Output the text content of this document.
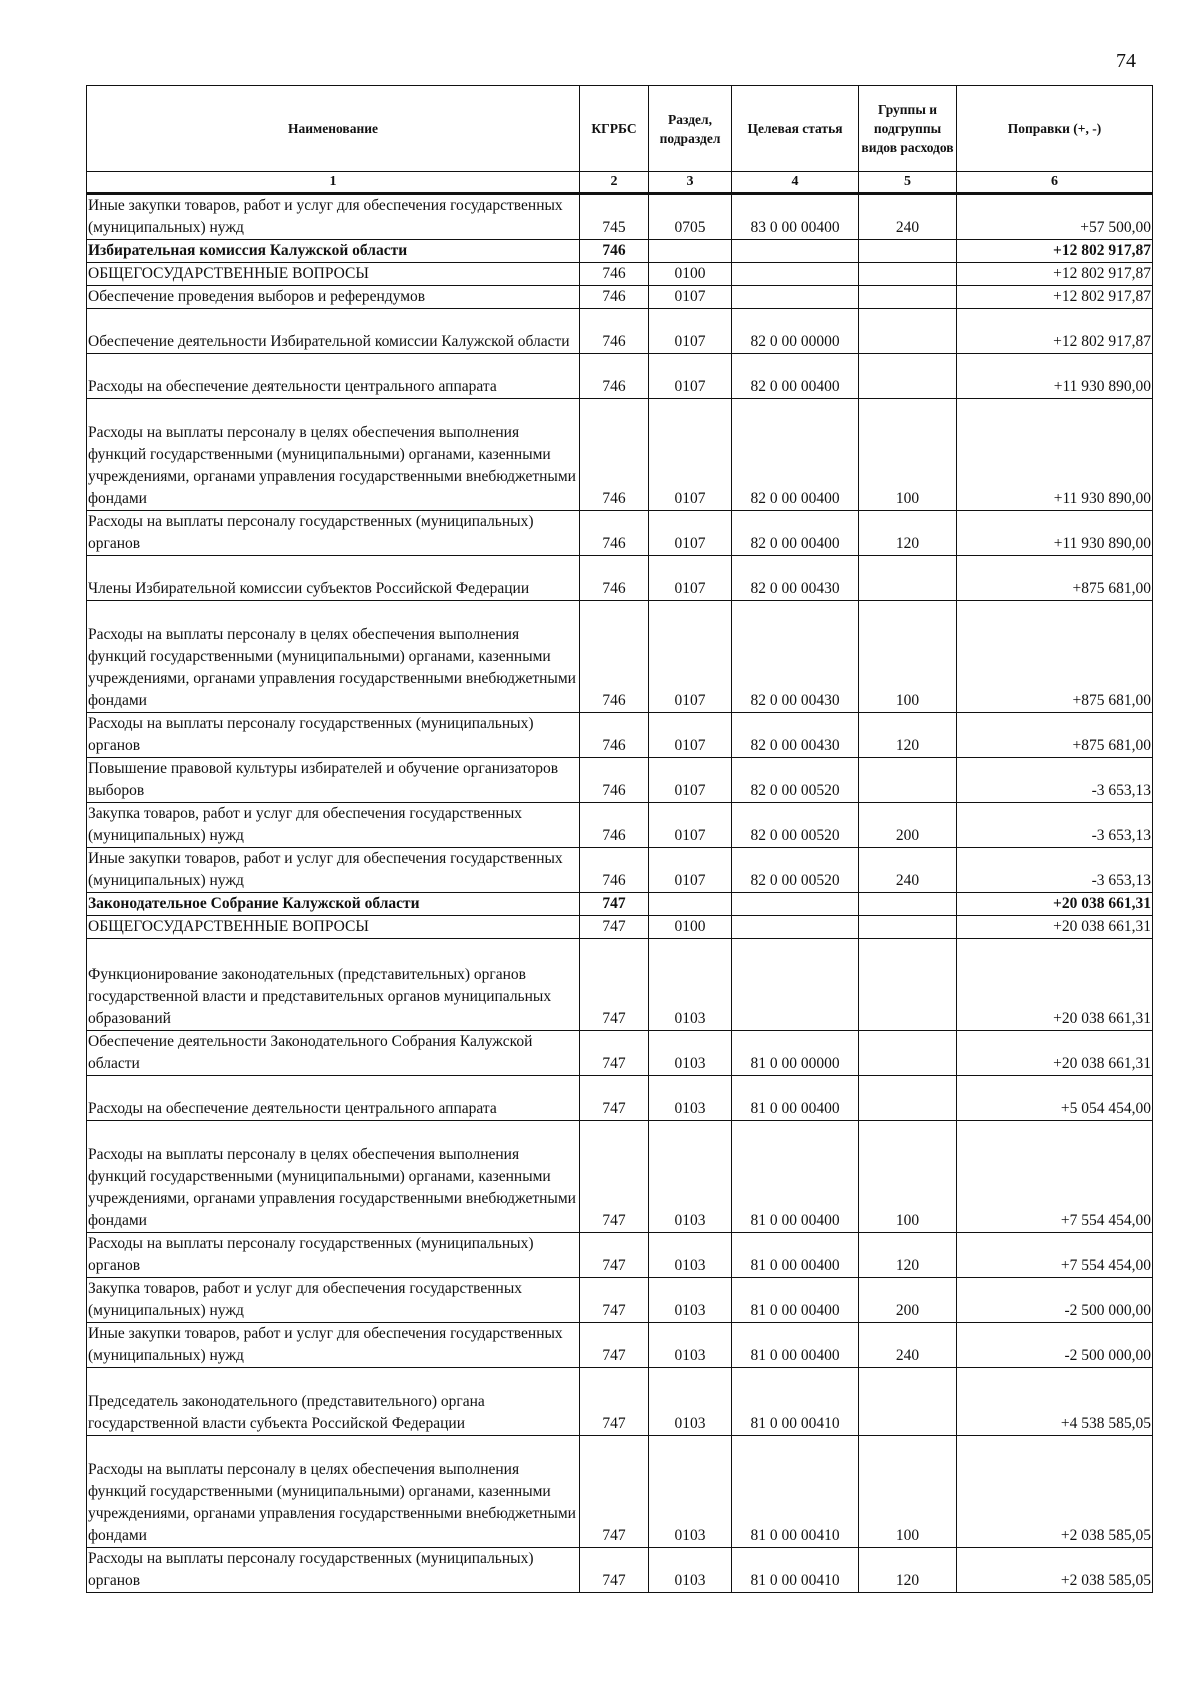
74
Наименование	КГРБС	Раздел, подраздел	Целевая статья	Группы и подгруппы видов расходов	Поправки (+, -)
1	2	3	4	5	6
Иные закупки товаров, работ и услуг для обеспечения государственных (муниципальных) нужд	745	0705	83 0 00 00400	240	+57 500,00
Избирательная комиссия Калужской области	746				+12 802 917,87
ОБЩЕГОСУДАРСТВЕННЫЕ ВОПРОСЫ	746	0100			+12 802 917,87
Обеспечение проведения выборов и референдумов	746	0107			+12 802 917,87
Обеспечение деятельности Избирательной комиссии Калужской области	746	0107	82 0 00 00000		+12 802 917,87
Расходы на обеспечение деятельности центрального аппарата	746	0107	82 0 00 00400		+11 930 890,00
Расходы на выплаты персоналу в целях обеспечения выполнения функций государственными (муниципальными) органами, казенными учреждениями, органами управления государственными внебюджетными фондами	746	0107	82 0 00 00400	100	+11 930 890,00
Расходы на выплаты персоналу государственных (муниципальных) органов	746	0107	82 0 00 00400	120	+11 930 890,00
Члены Избирательной комиссии субъектов Российской Федерации	746	0107	82 0 00 00430		+875 681,00
Расходы на выплаты персоналу в целях обеспечения выполнения функций государственными (муниципальными) органами, казенными учреждениями, органами управления государственными внебюджетными фондами	746	0107	82 0 00 00430	100	+875 681,00
Расходы на выплаты персоналу государственных (муниципальных) органов	746	0107	82 0 00 00430	120	+875 681,00
Повышение правовой культуры избирателей и обучение организаторов выборов	746	0107	82 0 00 00520		-3 653,13
Закупка товаров, работ и услуг для обеспечения государственных (муниципальных) нужд	746	0107	82 0 00 00520	200	-3 653,13
Иные закупки товаров, работ и услуг для обеспечения государственных (муниципальных) нужд	746	0107	82 0 00 00520	240	-3 653,13
Законодательное Собрание Калужской области	747				+20 038 661,31
ОБЩЕГОСУДАРСТВЕННЫЕ ВОПРОСЫ	747	0100			+20 038 661,31
Функционирование законодательных (представительных) органов государственной власти и представительных органов муниципальных образований	747	0103			+20 038 661,31
Обеспечение деятельности Законодательного Собрания Калужской области	747	0103	81 0 00 00000		+20 038 661,31
Расходы на обеспечение деятельности центрального аппарата	747	0103	81 0 00 00400		+5 054 454,00
Расходы на выплаты персоналу в целях обеспечения выполнения функций государственными (муниципальными) органами, казенными учреждениями, органами управления государственными внебюджетными фондами	747	0103	81 0 00 00400	100	+7 554 454,00
Расходы на выплаты персоналу государственных (муниципальных) органов	747	0103	81 0 00 00400	120	+7 554 454,00
Закупка товаров, работ и услуг для обеспечения государственных (муниципальных) нужд	747	0103	81 0 00 00400	200	-2 500 000,00
Иные закупки товаров, работ и услуг для обеспечения государственных (муниципальных) нужд	747	0103	81 0 00 00400	240	-2 500 000,00
Председатель законодательного (представительного) органа государственной власти субъекта Российской Федерации	747	0103	81 0 00 00410		+4 538 585,05
Расходы на выплаты персоналу в целях обеспечения выполнения функций государственными (муниципальными) органами, казенными учреждениями, органами управления государственными внебюджетными фондами	747	0103	81 0 00 00410	100	+2 038 585,05
Расходы на выплаты персоналу государственных (муниципальных) органов	747	0103	81 0 00 00410	120	+2 038 585,05
